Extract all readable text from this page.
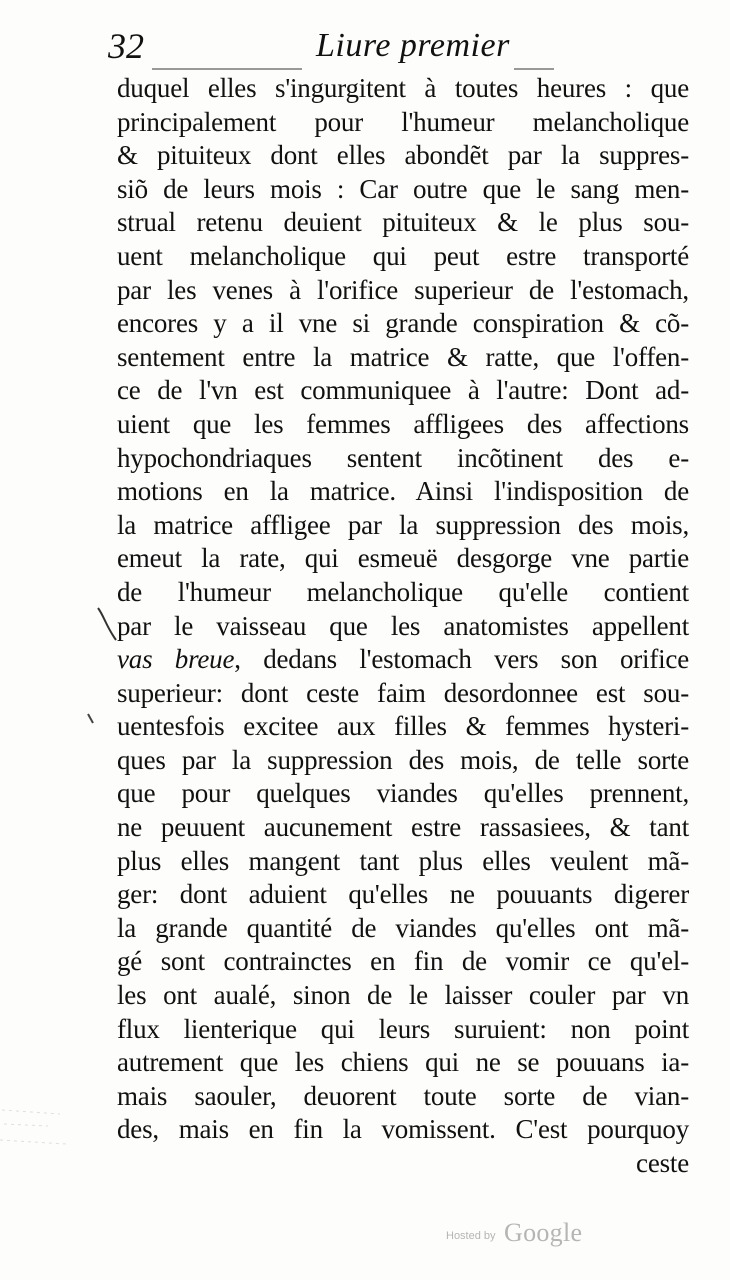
32	Liure premier
duquel elles s'ingurgitent à toutes heures : que
principalement pour l'humeur melancholique
& pituiteux dont elles abondẽt par la suppres-
siõ de leurs mois : Car outre que le sang men-
strual retenu deuient pituiteux & le plus sou-
uent melancholique qui peut estre transporté
par les venes à l'orifice superieur de l'estomach,
encores y a il vne si grande conspiration & cõ-
sentement entre la matrice & ratte, que l'offen-
ce de l'vn est communiquee à l'autre: Dont ad-
uient que les femmes affligees des affections
hypochondriaques sentent incõtinent des e-
motions en la matrice. Ainsi l'indisposition de
la matrice affligee par la suppression des mois,
emeut la rate, qui esmeuë desgorge vne partie
de l'humeur melancholique qu'elle contient
par le vaisseau que les anatomistes appellent
vas breue, dedans l'estomach vers son orifice
superieur: dont ceste faim desordonnee est sou-
uentesfois excitee aux filles & femmes hysteri-
ques par la suppression des mois, de telle sorte
que pour quelques viandes qu'elles prennent,
ne peuuent aucunement estre rassasiees, & tant
plus elles mangent tant plus elles veulent mã-
ger: dont aduient qu'elles ne pouuants digerer
la grande quantité de viandes qu'elles ont mã-
gé sont contrainctes en fin de vomir ce qu'el-
les ont aualé, sinon de le laisser couler par vn
flux lienterique qui leurs suruient: non point
autrement que les chiens qui ne se pouuans ia-
mais saouler, deuorent toute sorte de vian-
des, mais en fin la vomissent. C'est pourquoy
ceste
Hosted by Google
